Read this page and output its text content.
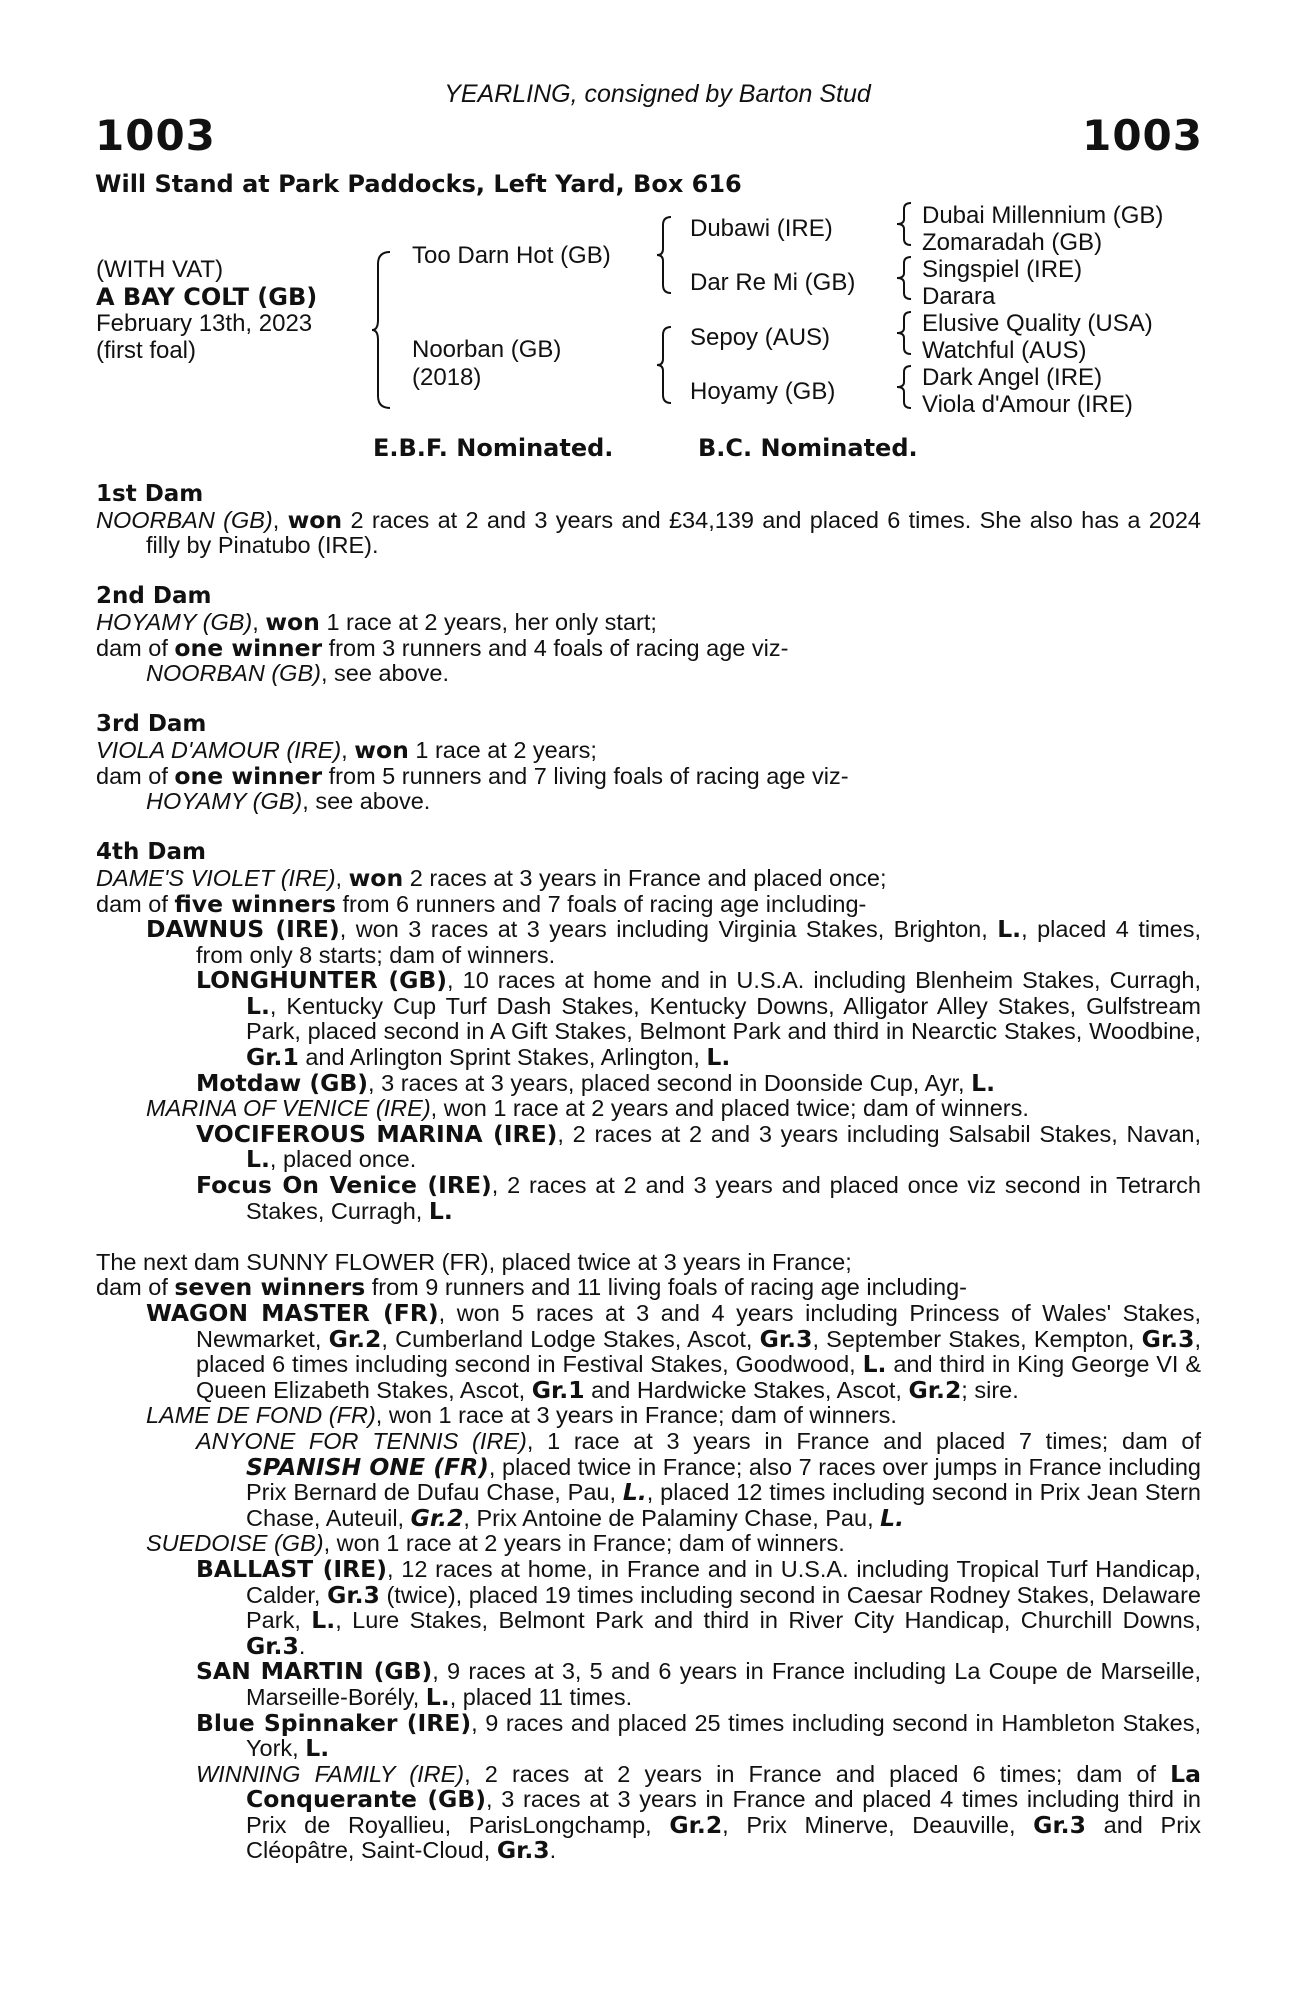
1003	1003
YEARLING, consigned by Barton Stud
Will Stand at Park Paddocks, Left Yard, Box 616
(WITH VAT)
A BAY COLT (GB)
February 13th, 2023
(first foal)
Too Darn Hot (GB)
Noorban (GB)
(2018)
Dubawi (IRE)
Dar Re Mi (GB)
Sepoy (AUS)
Hoyamy (GB)
Dubai Millennium (GB)
Zomaradah (GB)
Singspiel (IRE)
Darara
Elusive Quality (USA)
Watchful (AUS)
Dark Angel (IRE)
Viola d'Amour (IRE)
E.B.F. Nominated.	B.C. Nominated.

1st Dam

NOORBAN (GB), won 2 races at 2 and 3 years and £34,139 and placed 6 times. She also has a 2024 filly by Pinatubo (IRE).

2nd Dam

HOYAMY (GB), won 1 race at 2 years, her only start;

dam of one winner from 3 runners and 4 foals of racing age viz-

NOORBAN (GB), see above.

3rd Dam

VIOLA D'AMOUR (IRE), won 1 race at 2 years;

dam of one winner from 5 runners and 7 living foals of racing age viz-

HOYAMY (GB), see above.

4th Dam

DAME'S VIOLET (IRE), won 2 races at 3 years in France and placed once;

dam of five winners from 6 runners and 7 foals of racing age including-

DAWNUS (IRE), won 3 races at 3 years including Virginia Stakes, Brighton, L., placed 4 times, from only 8 starts; dam of winners.

LONGHUNTER (GB), 10 races at home and in U.S.A. including Blenheim Stakes, Curragh, L., Kentucky Cup Turf Dash Stakes, Kentucky Downs, Alligator Alley Stakes, Gulfstream Park, placed second in A Gift Stakes, Belmont Park and third in Nearctic Stakes, Woodbine, Gr.1 and Arlington Sprint Stakes, Arlington, L.

Motdaw (GB), 3 races at 3 years, placed second in Doonside Cup, Ayr, L.

MARINA OF VENICE (IRE), won 1 race at 2 years and placed twice; dam of winners.

VOCIFEROUS MARINA (IRE), 2 races at 2 and 3 years including Salsabil Stakes, Navan, L., placed once.

Focus On Venice (IRE), 2 races at 2 and 3 years and placed once viz second in Tetrarch Stakes, Curragh, L.

The next dam SUNNY FLOWER (FR), placed twice at 3 years in France;

dam of seven winners from 9 runners and 11 living foals of racing age including-

WAGON MASTER (FR), won 5 races at 3 and 4 years including Princess of Wales' Stakes, Newmarket, Gr.2, Cumberland Lodge Stakes, Ascot, Gr.3, September Stakes, Kempton, Gr.3, placed 6 times including second in Festival Stakes, Goodwood, L. and third in King George VI & Queen Elizabeth Stakes, Ascot, Gr.1 and Hardwicke Stakes, Ascot, Gr.2; sire.

LAME DE FOND (FR), won 1 race at 3 years in France; dam of winners.

ANYONE FOR TENNIS (IRE), 1 race at 3 years in France and placed 7 times; dam of SPANISH ONE (FR), placed twice in France; also 7 races over jumps in France including Prix Bernard de Dufau Chase, Pau, L., placed 12 times including second in Prix Jean Stern Chase, Auteuil, Gr.2, Prix Antoine de Palaminy Chase, Pau, L.

SUEDOISE (GB), won 1 race at 2 years in France; dam of winners.

BALLAST (IRE), 12 races at home, in France and in U.S.A. including Tropical Turf Handicap, Calder, Gr.3 (twice), placed 19 times including second in Caesar Rodney Stakes, Delaware Park, L., Lure Stakes, Belmont Park and third in River City Handicap, Churchill Downs, Gr.3.

SAN MARTIN (GB), 9 races at 3, 5 and 6 years in France including La Coupe de Marseille, Marseille-Borély, L., placed 11 times.

Blue Spinnaker (IRE), 9 races and placed 25 times including second in Hambleton Stakes, York, L.

WINNING FAMILY (IRE), 2 races at 2 years in France and placed 6 times; dam of La Conquerante (GB), 3 races at 3 years in France and placed 4 times including third in Prix de Royallieu, ParisLongchamp, Gr.2, Prix Minerve, Deauville, Gr.3 and Prix Cléopâtre, Saint-Cloud, Gr.3.
